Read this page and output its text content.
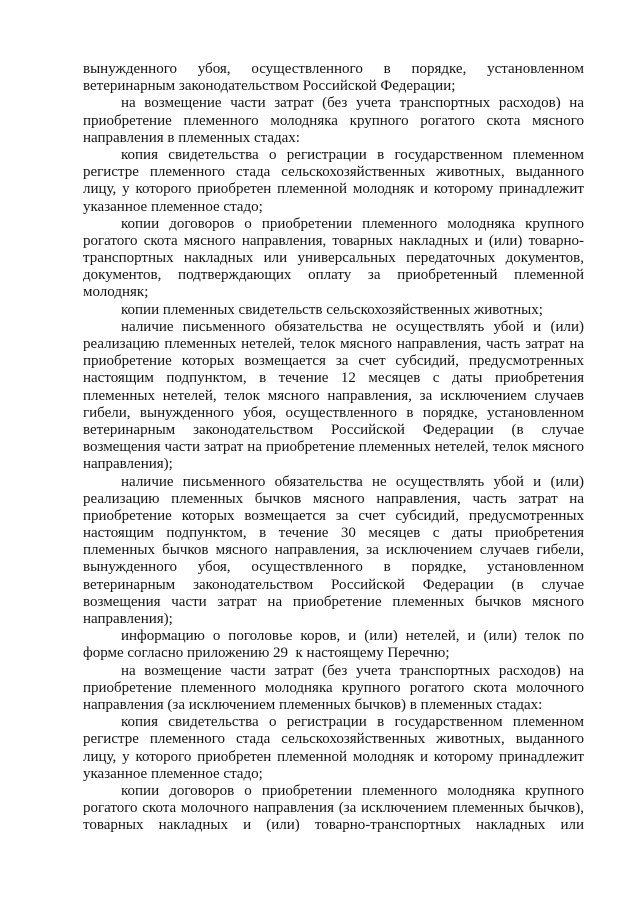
вынужденного убоя, осуществленного в порядке, установленном
ветеринарным законодательством Российской Федерации;
на возмещение части затрат (без учета транспортных расходов) на
приобретение племенного молодняка крупного рогатого скота мясного
направления в племенных стадах:
копия свидетельства о регистрации в государственном племенном
регистре племенного стада сельскохозяйственных животных, выданного
лицу, у которого приобретен племенной молодняк и которому принадлежит
указанное племенное стадо;
копии договоров о приобретении племенного молодняка крупного
рогатого скота мясного направления, товарных накладных и (или) товарно-
транспортных накладных или универсальных передаточных документов,
документов, подтверждающих оплату за приобретенный племенной
молодняк;
копии племенных свидетельств сельскохозяйственных животных;
наличие письменного обязательства не осуществлять убой и (или)
реализацию племенных нетелей, телок мясного направления, часть затрат на
приобретение которых возмещается за счет субсидий, предусмотренных
настоящим подпунктом, в течение 12 месяцев с даты приобретения
племенных нетелей, телок мясного направления, за исключением случаев
гибели, вынужденного убоя, осуществленного в порядке, установленном
ветеринарным законодательством Российской Федерации (в случае
возмещения части затрат на приобретение племенных нетелей, телок мясного
направления);
наличие письменного обязательства не осуществлять убой и (или)
реализацию племенных бычков мясного направления, часть затрат на
приобретение которых возмещается за счет субсидий, предусмотренных
настоящим подпунктом, в течение 30 месяцев с даты приобретения
племенных бычков мясного направления, за исключением случаев гибели,
вынужденного убоя, осуществленного в порядке, установленном
ветеринарным законодательством Российской Федерации (в случае
возмещения части затрат на приобретение племенных бычков мясного
направления);
информацию о поголовье коров, и (или) нетелей, и (или) телок по
форме согласно приложению 29  к настоящему Перечню;
на возмещение части затрат (без учета транспортных расходов) на
приобретение племенного молодняка крупного рогатого скота молочного
направления (за исключением племенных бычков) в племенных стадах:
копия свидетельства о регистрации в государственном племенном
регистре племенного стада сельскохозяйственных животных, выданного
лицу, у которого приобретен племенной молодняк и которому принадлежит
указанное племенное стадо;
копии договоров о приобретении племенного молодняка крупного
рогатого скота молочного направления (за исключением племенных бычков),
товарных накладных и (или) товарно-транспортных накладных или
